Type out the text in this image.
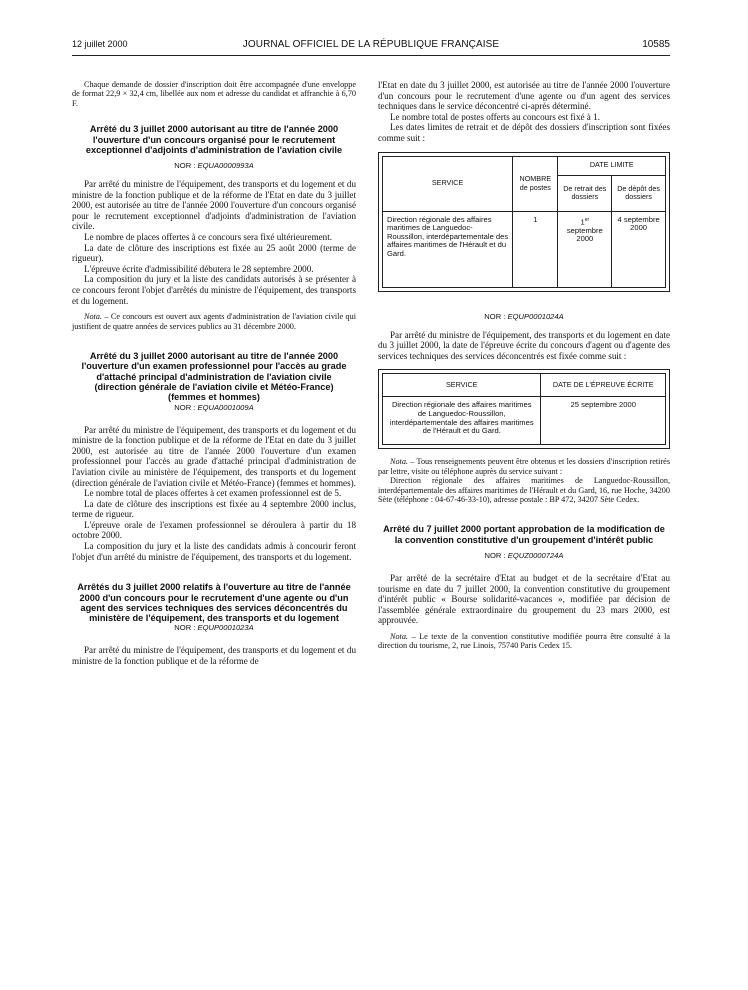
12 juillet 2000	JOURNAL OFFICIEL DE LA RÉPUBLIQUE FRANÇAISE	10585

Chaque demande de dossier d'inscription doit être accompagnée d'une enveloppe de format 22,9 × 32,4 cm, libellée aux nom et adresse du candidat et affranchie à 6,70 F.

Arrêté du 3 juillet 2000 autorisant au titre de l'année 2000 l'ouverture d'un concours organisé pour le recrutement exceptionnel d'adjoints d'administration de l'aviation civile
NOR : EQUA0000993A

Par arrêté du ministre de l'équipement, des transports et du logement et du ministre de la fonction publique et de la réforme de l'Etat en date du 3 juillet 2000, est autorisée au titre de l'année 2000 l'ouverture d'un concours organisé pour le recrutement exceptionnel d'adjoints d'administration de l'aviation civile.

Le nombre de places offertes à ce concours sera fixé ultérieurement.

La date de clôture des inscriptions est fixée au 25 août 2000 (terme de rigueur).

L'épreuve écrite d'admissibilité débutera le 28 septembre 2000.

La composition du jury et la liste des candidats autorisés à se présenter à ce concours feront l'objet d'arrêtés du ministre de l'équipement, des transports et du logement.

Nota. – Ce concours est ouvert aux agents d'administration de l'aviation civile qui justifient de quatre années de services publics au 31 décembre 2000.

Arrêté du 3 juillet 2000 autorisant au titre de l'année 2000 l'ouverture d'un examen professionnel pour l'accès au grade d'attaché principal d'administration de l'aviation civile (direction générale de l'aviation civile et Météo-France) (femmes et hommes)
NOR : EQUA0001009A

Par arrêté du ministre de l'équipement, des transports et du logement et du ministre de la fonction publique et de la réforme de l'Etat en date du 3 juillet 2000, est autorisée au titre de l'année 2000 l'ouverture d'un examen professionnel pour l'accès au grade d'attaché principal d'administration de l'aviation civile au ministère de l'équipement, des transports et du logement (direction générale de l'aviation civile et Météo-France) (femmes et hommes).

Le nombre total de places offertes à cet examen professionnel est de 5.

La date de clôture des inscriptions est fixée au 4 septembre 2000 inclus, terme de rigueur.

L'épreuve orale de l'examen professionnel se déroulera à partir du 18 octobre 2000.

La composition du jury et la liste des candidats admis à concourir feront l'objet d'un arrêté du ministre de l'équipement, des transports et du logement.

Arrêtés du 3 juillet 2000 relatifs à l'ouverture au titre de l'année 2000 d'un concours pour le recrutement d'une agente ou d'un agent des services techniques des services déconcentrés du ministère de l'équipement, des transports et du logement
NOR : EQUP0001023A

Par arrêté du ministre de l'équipement, des transports et du logement et du ministre de la fonction publique et de la réforme de

l'Etat en date du 3 juillet 2000, est autorisée au titre de l'année 2000 l'ouverture d'un concours pour le recrutement d'une agente ou d'un agent des services techniques dans le service déconcentré ci-après déterminé.

Le nombre total de postes offerts au concours est fixé à 1.

Les dates limites de retrait et de dépôt des dossiers d'inscription sont fixées comme suit :

SERVICE	NOMBRE de postes	DATE LIMITE	
		De retrait des dossiers	De dépôt des dossiers
Direction régionale des affaires maritimes de Languedoc-Roussillon, interdépartementale des affaires maritimes de l'Hérault et du Gard.	1	1er septembre 2000	4 septembre 2000
NOR : EQUP0001024A

Par arrêté du ministre de l'équipement, des transports et du logement en date du 3 juillet 2000, la date de l'épreuve écrite du concours d'agent ou d'agente des services techniques des services déconcentrés est fixée comme suit :

SERVICE	DATE DE L'ÉPREUVE ÉCRITE
Direction régionale des affaires maritimes de Languedoc-Roussillon, interdépartementale des affaires maritimes de l'Hérault et du Gard.	25 septembre 2000

Nota. – Tous renseignements peuvent être obtenus et les dossiers d'inscription retirés par lettre, visite ou téléphone auprès du service suivant :

Direction régionale des affaires maritimes de Languedoc-Roussillon, interdépartementale des affaires maritimes de l'Hérault et du Gard, 16, rue Hoche, 34200 Sète (téléphone : 04-67-46-33-10), adresse postale : BP 472, 34207 Sète Cedex.

Arrêté du 7 juillet 2000 portant approbation de la modification de la convention constitutive d'un groupement d'intérêt public
NOR : EQUZ0000724A

Par arrêté de la secrétaire d'Etat au budget et de la secrétaire d'Etat au tourisme en date du 7 juillet 2000, la convention constitutive du groupement d'intérêt public « Bourse solidarité-vacances », modifiée par décision de l'assemblée générale extraordinaire du groupement du 23 mars 2000, est approuvée.

Nota. – Le texte de la convention constitutive modifiée pourra être consulté à la direction du tourisme, 2, rue Linois, 75740 Paris Cedex 15.
